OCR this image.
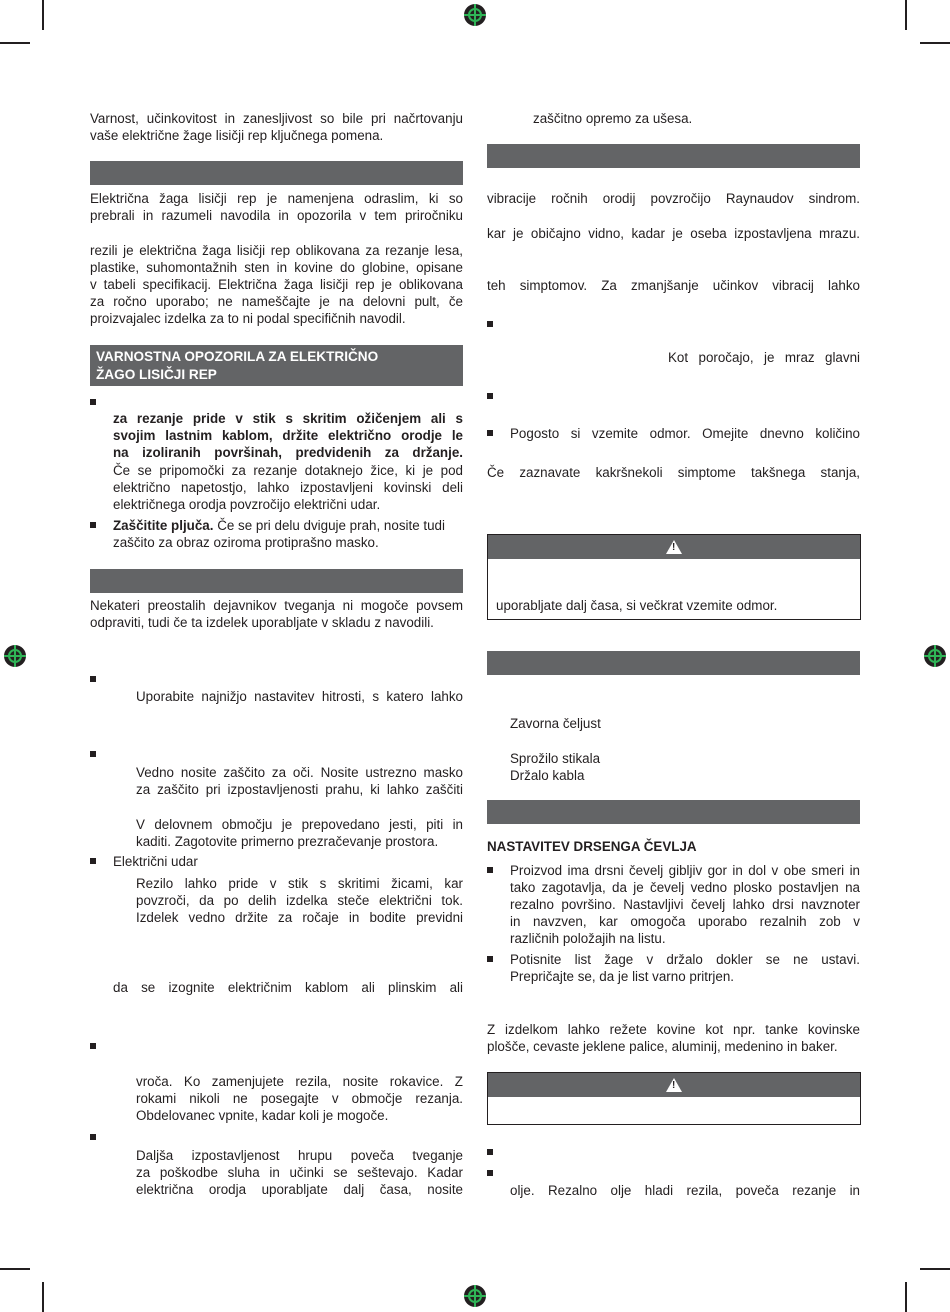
Varnost, učinkovitost in zanesljivost so bile pri načrtovanju
vaše električne žage lisičji rep ključnega pomena.
Električna žaga lisičji rep je namenjena odraslim, ki so
prebrali in razumeli navodila in opozorila v tem priročniku
rezili je električna žaga lisičji rep oblikovana za rezanje lesa,
plastike, suhomontažnih sten in kovine do globine, opisane
v tabeli specifikacij. Električna žaga lisičji rep je oblikovana
za ročno uporabo; ne nameščajte je na delovni pult, če
proizvajalec izdelka za to ni podal specifičnih navodil.
VARNOSTNA OPOZORILA ZA ELEKTRIČNO
ŽAGO LISIČJI REP
za rezanje pride v stik s skritim ožičenjem ali s
svojim lastnim kablom, držite električno orodje le
na izoliranih površinah, predvidenih za držanje.
Če se pripomočki za rezanje dotaknejo žice, ki je pod
električno napetostjo, lahko izpostavljeni kovinski deli
električnega orodja povzročijo električni udar.
Zaščitite pljuča. Če se pri delu dviguje prah, nosite tudi
zaščito za obraz oziroma protiprašno masko.
Nekateri preostalih dejavnikov tveganja ni mogoče povsem
odpraviti, tudi če ta izdelek uporabljate v skladu z navodili.
Uporabite najnižjo nastavitev hitrosti, s katero lahko
Vedno nosite zaščito za oči. Nosite ustrezno masko
za zaščito pri izpostavljenosti prahu, ki lahko zaščiti
V delovnem območju je prepovedano jesti, piti in
kaditi. Zagotovite primerno prezračevanje prostora.
Električni udar
Rezilo lahko pride v stik s skritimi žicami, kar
povzroči, da po delih izdelka steče električni tok.
Izdelek vedno držite za ročaje in bodite previdni
da se izognite električnim kablom ali plinskim ali
vroča. Ko zamenjujete rezila, nosite rokavice. Z
rokami nikoli ne posegajte v območje rezanja.
Obdelovanec vpnite, kadar koli je mogoče.
Daljša izpostavljenost hrupu poveča tveganje
za poškodbe sluha in učinki se seštevajo. Kadar
električna orodja uporabljate dalj časa, nosite
zaščitno opremo za ušesa.
vibracije ročnih orodij povzročijo Raynaudov sindrom.
kar je običajno vidno, kadar je oseba izpostavljena mrazu.
teh simptomov. Za zmanjšanje učinkov vibracij lahko
Kot poročajo, je mraz glavni
Pogosto si vzemite odmor. Omejite dnevno količino
Če zaznavate kakršnekoli simptome takšnega stanja,
!
uporabljate dalj časa, si večkrat vzemite odmor.
Zavorna čeljust
Sprožilo stikala
Držalo kabla
NASTAVITEV DRSENGA ČEVLJA
Proizvod ima drsni čevelj gibljiv gor in dol v obe smeri in
tako zagotavlja, da je čevelj vedno plosko postavljen na
rezalno površino. Nastavljivi čevelj lahko drsi navznoter
in navzven, kar omogoča uporabo rezalnih zob v
različnih položajih na listu.
Potisnite list žage v držalo dokler se ne ustavi.
Prepričajte se, da je list varno pritrjen.
Z izdelkom lahko režete kovine kot npr. tanke kovinske
plošče, cevaste jeklene palice, aluminij, medenino in baker.
!
olje. Rezalno olje hladi rezila, poveča rezanje in
